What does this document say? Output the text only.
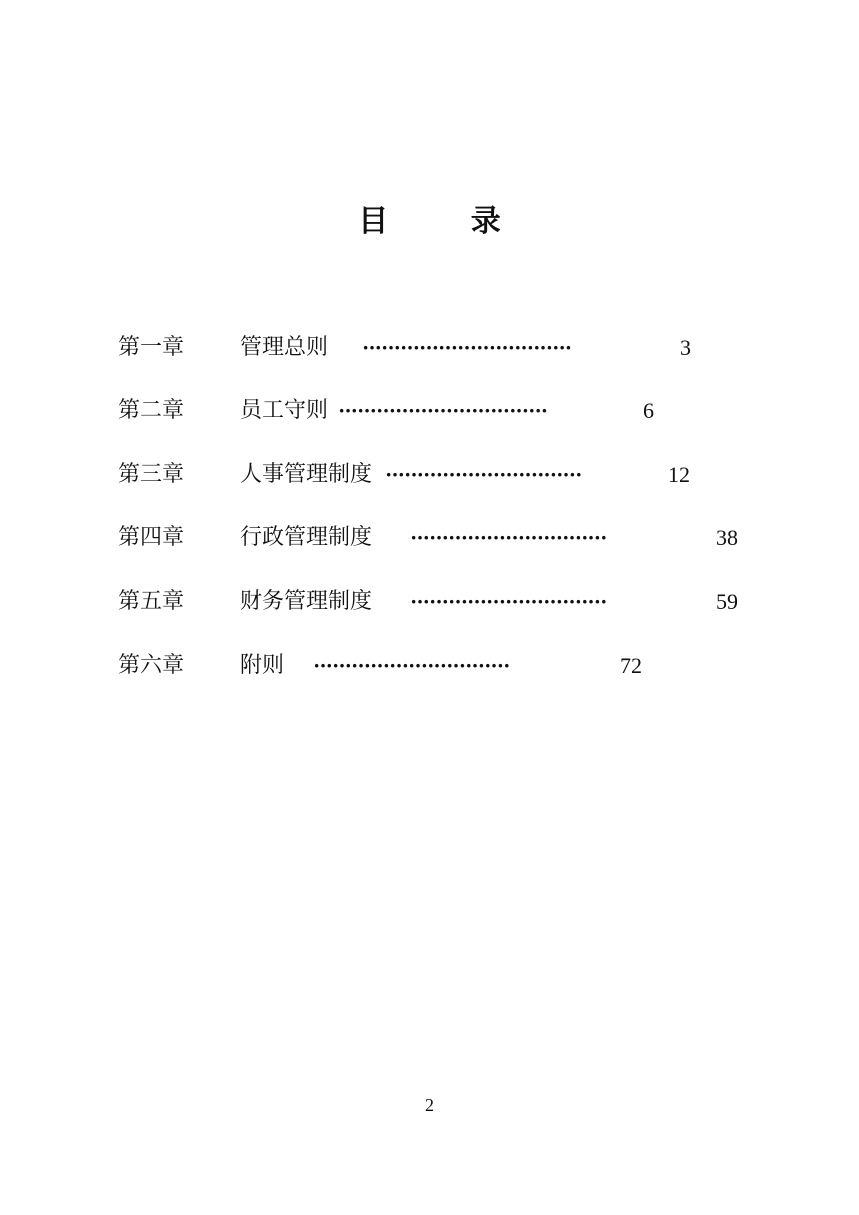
目 录
第一章	管理总则 ·································	3
第二章	员工守则 ·································	6
第三章	人事管理制度 ·······························	12
第四章	行政管理制度 ·······························	38
第五章	财务管理制度 ·······························	59
第六章	附则 ·······························	72
2
